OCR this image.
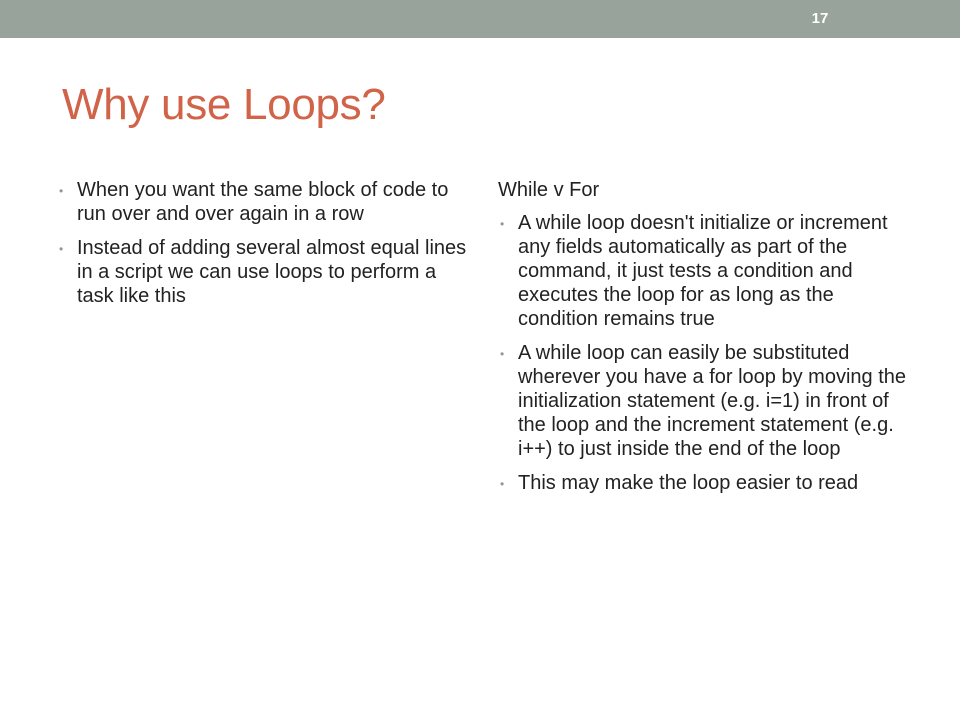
17
Why use Loops?
• When you want the same block of code to run over and over again in a row
• Instead of adding several almost equal lines in a script we can use loops to perform a task like this
While v For
• A while loop doesn't initialize or increment any fields automatically as part of the command, it just tests a condition and executes the loop for as long as the condition remains true
• A while loop can easily be substituted wherever you have a for loop by moving the initialization statement (e.g. i=1) in front of the loop and the increment statement (e.g. i++) to just inside the end of the loop
• This may make the loop easier to read
